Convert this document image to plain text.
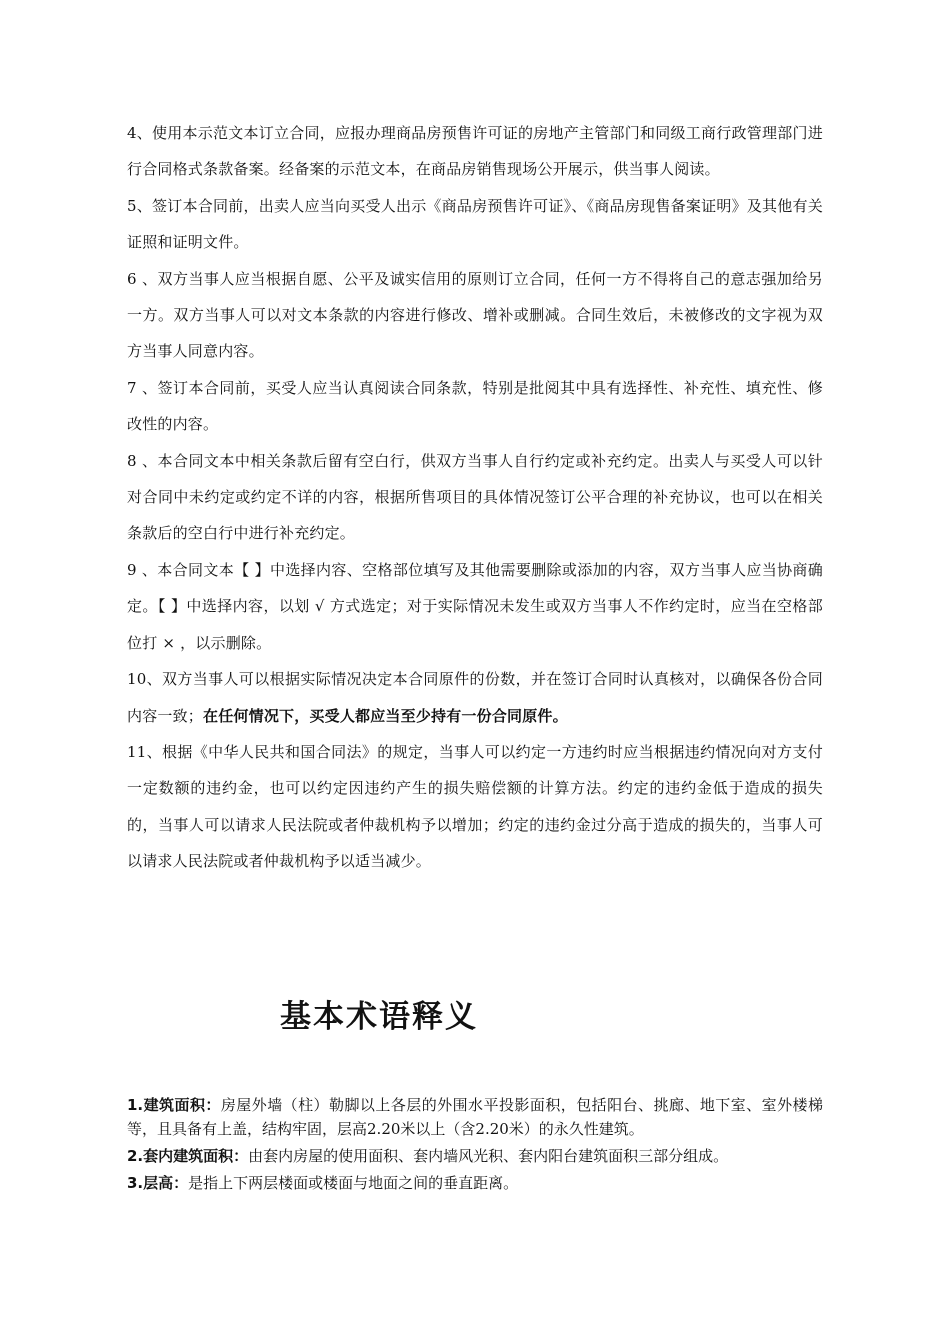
4、使用本示范文本订立合同，应报办理商品房预售许可证的房地产主管部门和同级工商行政管理部门进行合同格式条款备案。经备案的示范文本，在商品房销售现场公开展示，供当事人阅读。

5、签订本合同前，出卖人应当向买受人出示《商品房预售许可证》、《商品房现售备案证明》及其他有关证照和证明文件。

6 、双方当事人应当根据自愿、公平及诚实信用的原则订立合同，任何一方不得将自己的意志强加给另一方。双方当事人可以对文本条款的内容进行修改、增补或删减。合同生效后，未被修改的文字视为双方当事人同意内容。

7 、签订本合同前，买受人应当认真阅读合同条款，特别是批阅其中具有选择性、补充性、填充性、修改性的内容。

8 、本合同文本中相关条款后留有空白行，供双方当事人自行约定或补充约定。出卖人与买受人可以针对合同中未约定或约定不详的内容，根据所售项目的具体情况签订公平合理的补充协议，也可以在相关条款后的空白行中进行补充约定。

9 、本合同文本【 】中选择内容、空格部位填写及其他需要删除或添加的内容，双方当事人应当协商确定。【 】中选择内容，以划 √ 方式选定；对于实际情况未发生或双方当事人不作约定时，应当在空格部位打 × ，以示删除。

10、双方当事人可以根据实际情况决定本合同原件的份数，并在签订合同时认真核对，以确保各份合同内容一致；在任何情况下，买受人都应当至少持有一份合同原件。

11、根据《中华人民共和国合同法》的规定，当事人可以约定一方违约时应当根据违约情况向对方支付一定数额的违约金，也可以约定因违约产生的损失赔偿额的计算方法。约定的违约金低于造成的损失的，当事人可以请求人民法院或者仲裁机构予以增加；约定的违约金过分高于造成的损失的，当事人可以请求人民法院或者仲裁机构予以适当减少。

基本术语释义

1.建筑面积：房屋外墙（柱）勒脚以上各层的外围水平投影面积，包括阳台、挑廊、地下室、室外楼梯等，且具备有上盖，结构牢固，层高2.20米以上（含2.20米）的永久性建筑。

2.套内建筑面积：由套内房屋的使用面积、套内墙风光积、套内阳台建筑面积三部分组成。

3.层高：是指上下两层楼面或楼面与地面之间的垂直距离。
